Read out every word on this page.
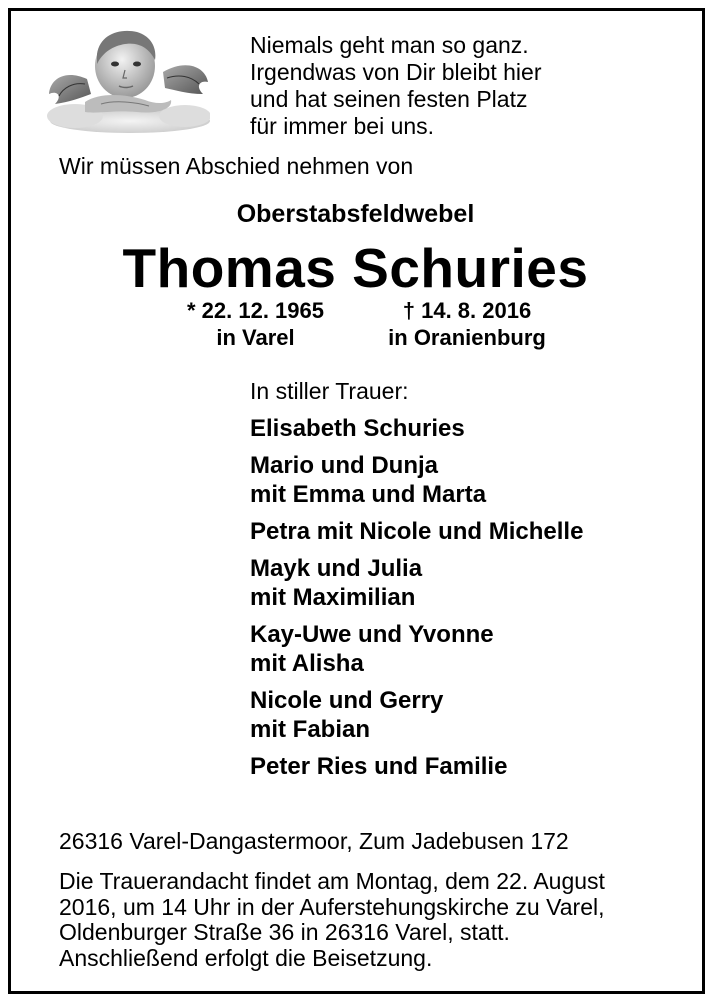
Niemals geht man so ganz.
Irgendwas von Dir bleibt hier
und hat seinen festen Platz
für immer bei uns.
Wir müssen Abschied nehmen von
Oberstabsfeldwebel
Thomas Schuries
* 22. 12. 1965
in Varel
† 14. 8. 2016
in Oranienburg
In stiller Trauer:
Elisabeth Schuries
Mario und Dunja
mit Emma und Marta
Petra mit Nicole und Michelle
Mayk und Julia
mit Maximilian
Kay-Uwe und Yvonne
mit Alisha
Nicole und Gerry
mit Fabian
Peter Ries und Familie
26316 Varel-Dangastermoor, Zum Jadebusen 172
Die Trauerandacht findet am Montag, dem 22. August
2016, um 14 Uhr in der Auferstehungskirche zu Varel,
Oldenburger Straße 36 in 26316 Varel, statt.
Anschließend erfolgt die Beisetzung.
